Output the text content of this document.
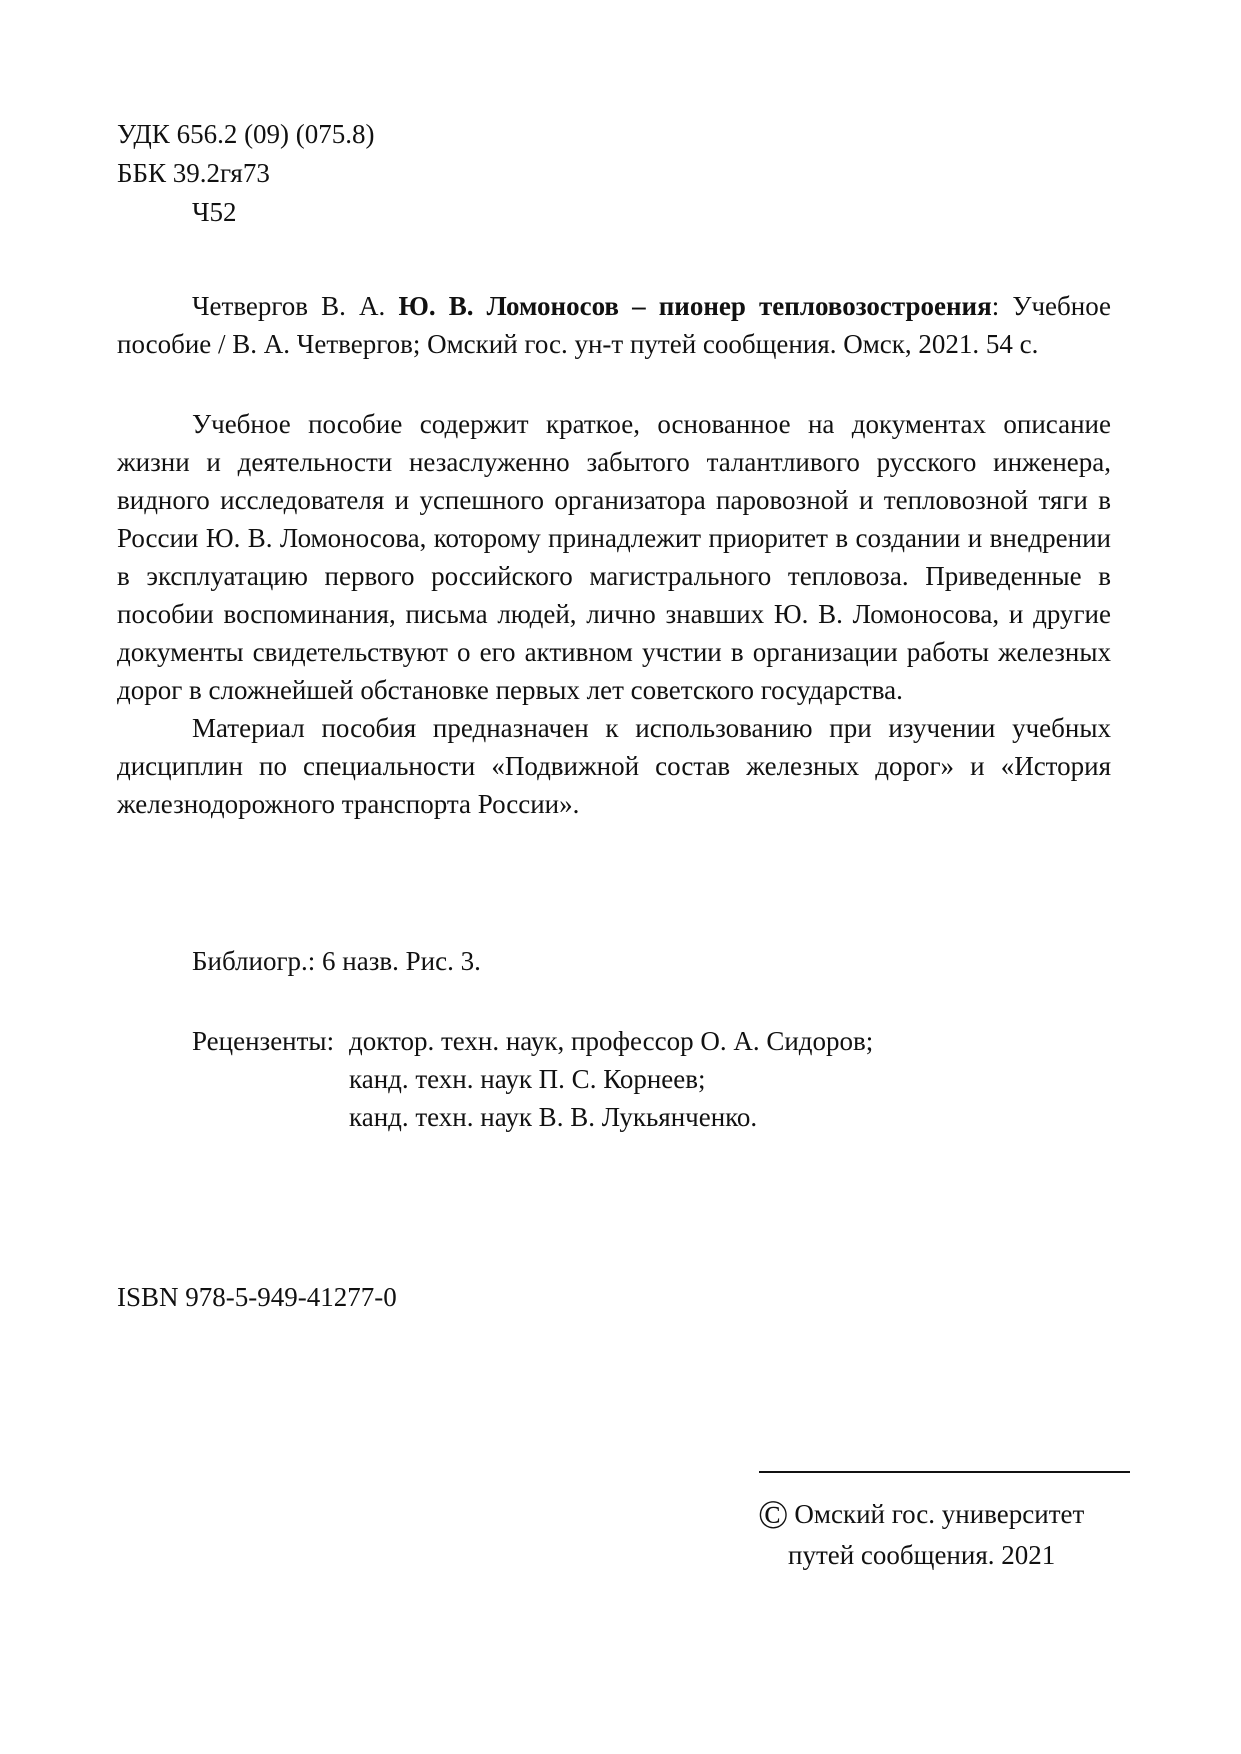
УДК 656.2 (09) (075.8)
ББК 39.2гя73
Ч52
Четвергов В. А. Ю. В. Ломоносов – пионер тепловозостроения: Учебное пособие / В. А. Четвергов; Омский гос. ун-т путей сообщения. Омск, 2021. 54 с.

Учебное пособие содержит краткое, основанное на документах описание жизни и деятельности незаслуженно забытого талантливого русского инженера, видного исследователя и успешного организатора паровозной и тепловозной тяги в России Ю. В. Ломоносова, которому принадлежит приоритет в создании и внедрении в эксплуатацию первого российского магистрального тепловоза. Приведенные в пособии воспоминания, письма людей, лично знавших Ю. В. Ломоносова, и другие документы свидетельствуют о его активном учстии в организации работы железных дорог в сложнейшей обстановке первых лет советского государства.

Материал пособия предназначен к использованию при изучении учебных дисциплин по специальности «Подвижной состав железных дорог» и «История железнодорожного транспорта России».

Библиогр.: 6 назв. Рис. 3.
Рецензенты: доктор. техн. наук, профессор О. А. Сидоров;
канд. техн. наук П. С. Корнеев;
канд. техн. наук В. В. Лукьянченко.
ISBN 978-5-949-41277-0
© Омский гос. университет
путей сообщения. 2021
